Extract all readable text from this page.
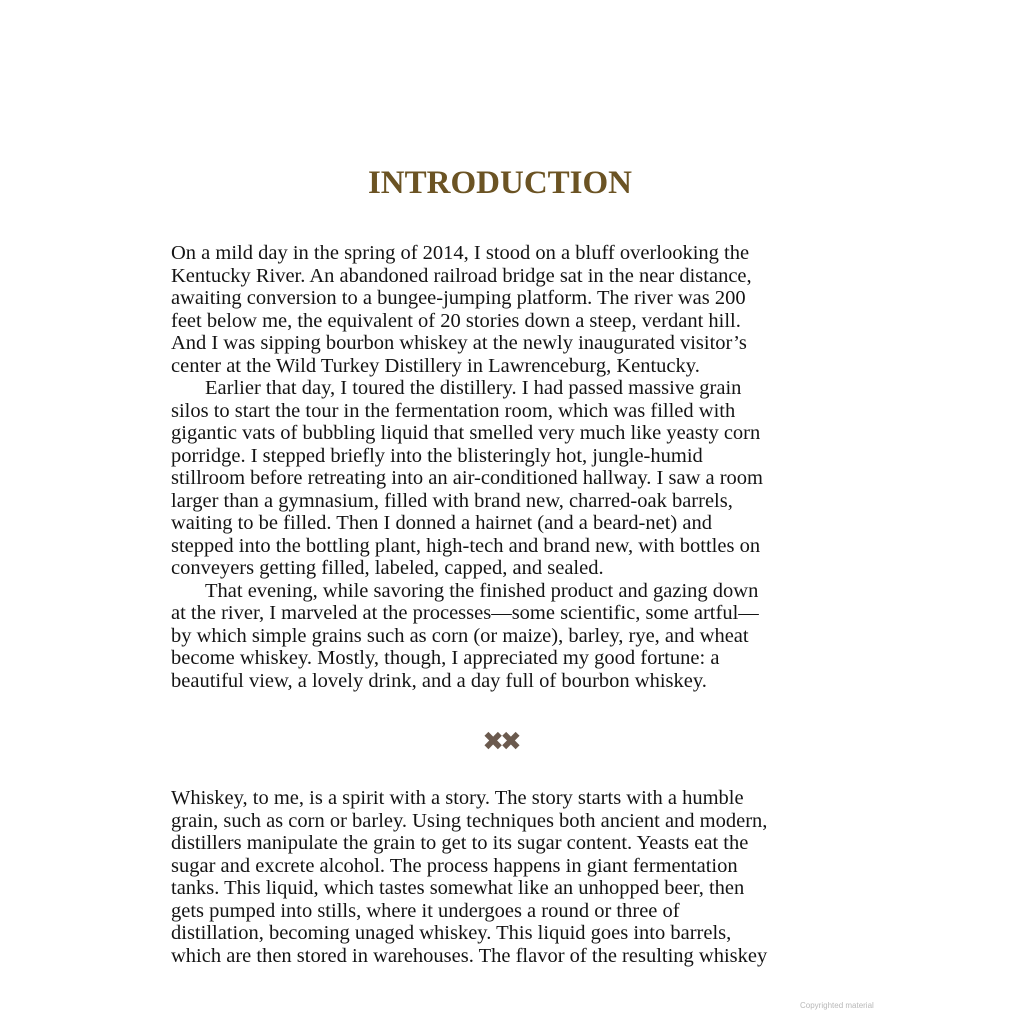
INTRODUCTION
On a mild day in the spring of 2014, I stood on a bluff overlooking the
Kentucky River. An abandoned railroad bridge sat in the near distance,
awaiting conversion to a bungee-jumping platform. The river was 200
feet below me, the equivalent of 20 stories down a steep, verdant hill.
And I was sipping bourbon whiskey at the newly inaugurated visitor’s
center at the Wild Turkey Distillery in Lawrenceburg, Kentucky.
Earlier that day, I toured the distillery. I had passed massive grain
silos to start the tour in the fermentation room, which was filled with
gigantic vats of bubbling liquid that smelled very much like yeasty corn
porridge. I stepped briefly into the blisteringly hot, jungle-humid
stillroom before retreating into an air-conditioned hallway. I saw a room
larger than a gymnasium, filled with brand new, charred-oak barrels,
waiting to be filled. Then I donned a hairnet (and a beard-net) and
stepped into the bottling plant, high-tech and brand new, with bottles on
conveyers getting filled, labeled, capped, and sealed.
That evening, while savoring the finished product and gazing down
at the river, I marveled at the processes—some scientific, some artful—
by which simple grains such as corn (or maize), barley, rye, and wheat
become whiskey. Mostly, though, I appreciated my good fortune: a
beautiful view, a lovely drink, and a day full of bourbon whiskey.
✖✖
Whiskey, to me, is a spirit with a story. The story starts with a humble
grain, such as corn or barley. Using techniques both ancient and modern,
distillers manipulate the grain to get to its sugar content. Yeasts eat the
sugar and excrete alcohol. The process happens in giant fermentation
tanks. This liquid, which tastes somewhat like an unhopped beer, then
gets pumped into stills, where it undergoes a round or three of
distillation, becoming unaged whiskey. This liquid goes into barrels,
which are then stored in warehouses. The flavor of the resulting whiskey
Copyrighted material
